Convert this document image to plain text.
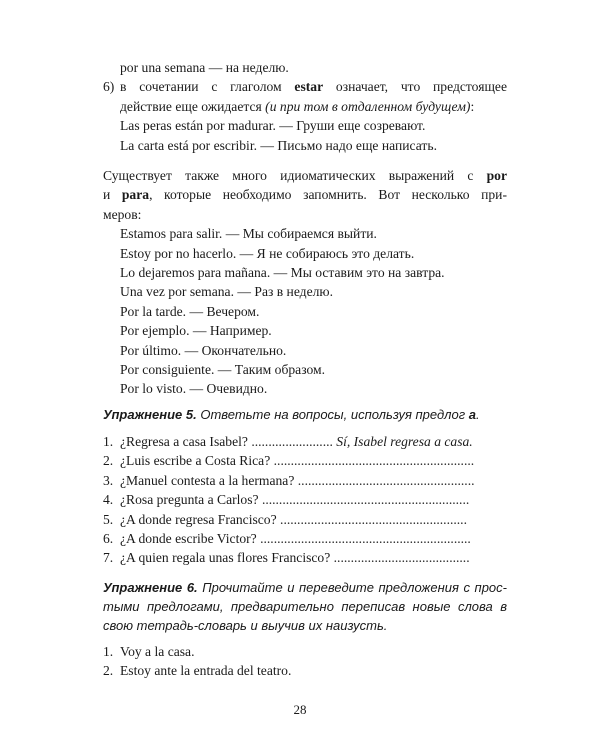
por una semana — на неделю.
6) в сочетании с глаголом estar означает, что предстоящее
действие еще ожидается (и при том в отдаленном будущем):
Las peras están por madurar. — Груши еще созревают.
La carta está por escribir. — Письмо надо еще написать.
Существует также много идиоматических выражений с por
и para, которые необходимо запомнить. Вот несколько при-
меров:
Estamos para salir. — Мы собираемся выйти.
Estoy por no hacerlo. — Я не собираюсь это делать.
Lo dejaremos para mañana. — Мы оставим это на завтра.
Una vez por semana. — Раз в неделю.
Por la tarde. — Вечером.
Por ejemplo. — Например.
Por último. — Окончательно.
Por consiguiente. — Таким образом.
Por lo visto. — Очевидно.
Упражнение 5. Ответьте на вопросы, используя предлог а.
1. ¿Regresa a casa Isabel? ........................ Sí, Isabel regresa a casa.
2. ¿Luis escribe a Costa Rica? ...........................................................
3. ¿Manuel contesta a la hermana? ....................................................
4. ¿Rosa pregunta a Carlos? .............................................................
5. ¿A donde regresa Francisco? .......................................................
6. ¿A donde escribe Victor? ..............................................................
7. ¿A quien regala unas flores Francisco? ........................................
Упражнение 6. Прочитайте и переведите предложения с прос-
тыми предлогами, предварительно переписав новые слова в
свою тетрадь-словарь и выучив их наизусть.
1. Voy a la casa.
2. Estoy ante la entrada del teatro.
28
